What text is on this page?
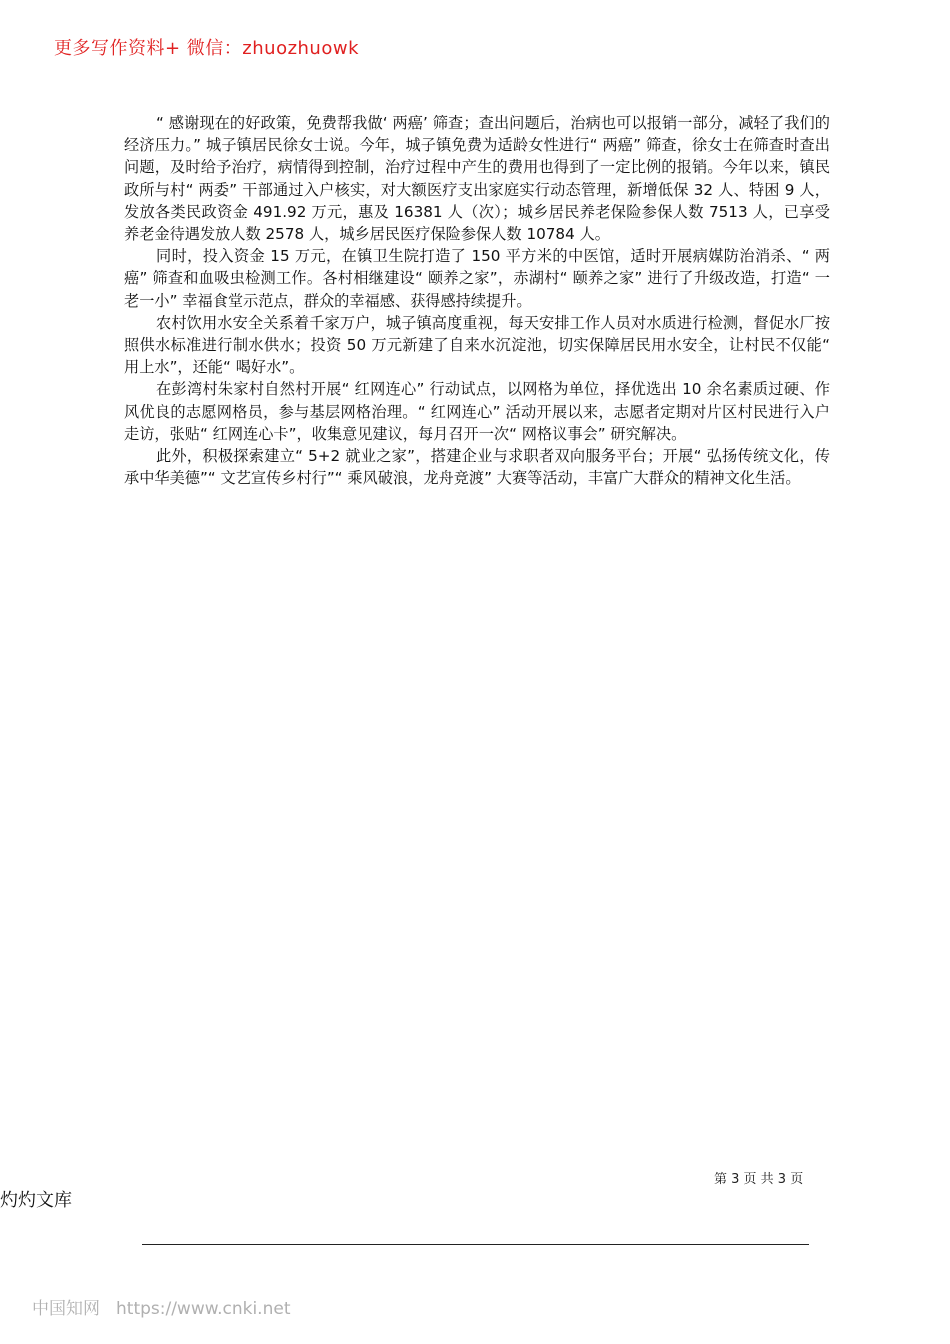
更多写作资料+ 微信：zhuozhuowk

“ 感谢现在的好政策，免费帮我做‘ 两癌’ 筛查；查出问题后，治病也可以报销一部分，减轻了我们的经济压力。” 城子镇居民徐女士说。今年，城子镇免费为适龄女性进行“ 两癌” 筛查，徐女士在筛查时查出问题，及时给予治疗，病情得到控制，治疗过程中产生的费用也得到了一定比例的报销。今年以来，镇民政所与村“ 两委” 干部通过入户核实，对大额医疗支出家庭实行动态管理，新增低保 32 人、特困 9 人，发放各类民政资金 491.92 万元，惠及 16381 人（次）；城乡居民养老保险参保人数 7513 人，已享受养老金待遇发放人数 2578 人，城乡居民医疗保险参保人数 10784 人。

同时，投入资金 15 万元，在镇卫生院打造了 150 平方米的中医馆，适时开展病媒防治消杀、“ 两癌” 筛查和血吸虫检测工作。各村相继建设“ 颐养之家”，赤湖村“ 颐养之家” 进行了升级改造，打造“ 一老一小” 幸福食堂示范点，群众的幸福感、获得感持续提升。

农村饮用水安全关系着千家万户，城子镇高度重视，每天安排工作人员对水质进行检测，督促水厂按照供水标准进行制水供水；投资 50 万元新建了自来水沉淀池，切实保障居民用水安全，让村民不仅能“ 用上水”，还能“ 喝好水”。

在彭湾村朱家村自然村开展“ 红网连心” 行动试点，以网格为单位，择优选出 10 余名素质过硬、作风优良的志愿网格员，参与基层网格治理。“ 红网连心” 活动开展以来，志愿者定期对片区村民进行入户走访，张贴“ 红网连心卡”，收集意见建议，每月召开一次“ 网格议事会” 研究解决。

此外，积极探索建立“ 5+2 就业之家”，搭建企业与求职者双向服务平台；开展“ 弘扬传统文化，传承中华美德”“ 文艺宣传乡村行”“ 乘风破浪，龙舟竞渡” 大赛等活动，丰富广大群众的精神文化生活。

第 3 页 共 3 页
灼灼文库
中国知网 https://www.cnki.net
